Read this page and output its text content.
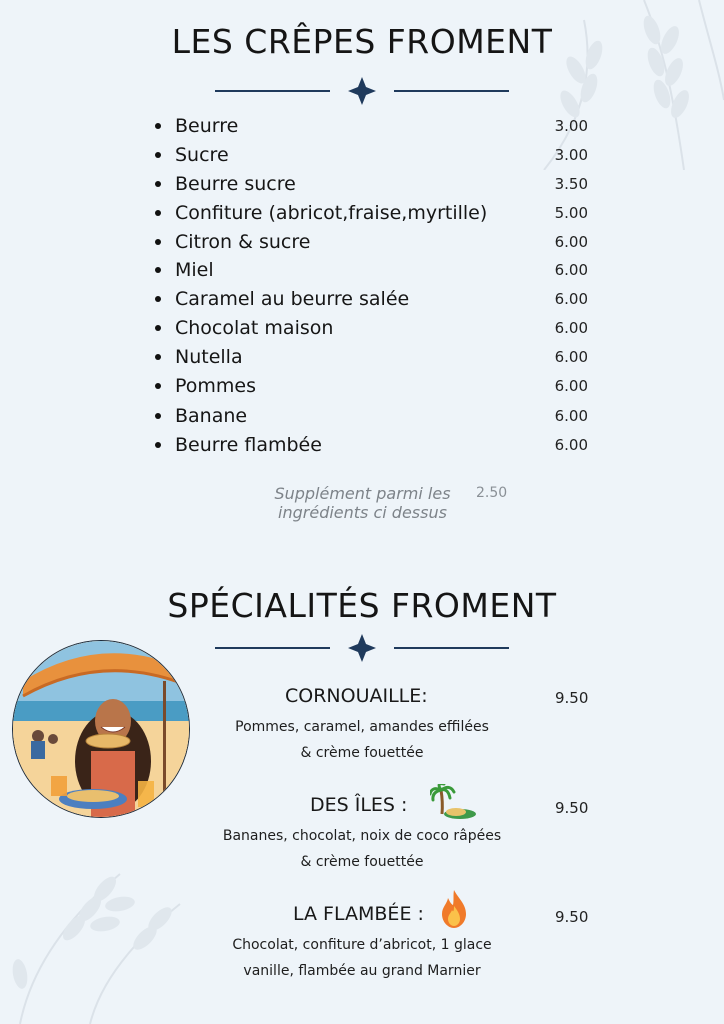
LES CRÊPES FROMENT
Beurre	3.00
Sucre	3.00
Beurre sucre	3.50
Confiture (abricot,fraise,myrtille)	5.00
Citron & sucre	6.00
Miel	6.00
Caramel au beurre salée	6.00
Chocolat maison	6.00
Nutella	6.00
Pommes	6.00
Banane	6.00
Beurre flambée	6.00
Supplément parmi les ingrédients ci dessus
2.50
SPÉCIALITÉS FROMENT
CORNOUAILLE:	9.50
Pommes, caramel, amandes effilées
& crème fouettée
DES ÎLES :	9.50
Bananes, chocolat, noix de coco râpées
& crème fouettée
LA FLAMBÉE :	9.50
Chocolat, confiture d’abricot, 1 glace
vanille, flambée au grand Marnier
